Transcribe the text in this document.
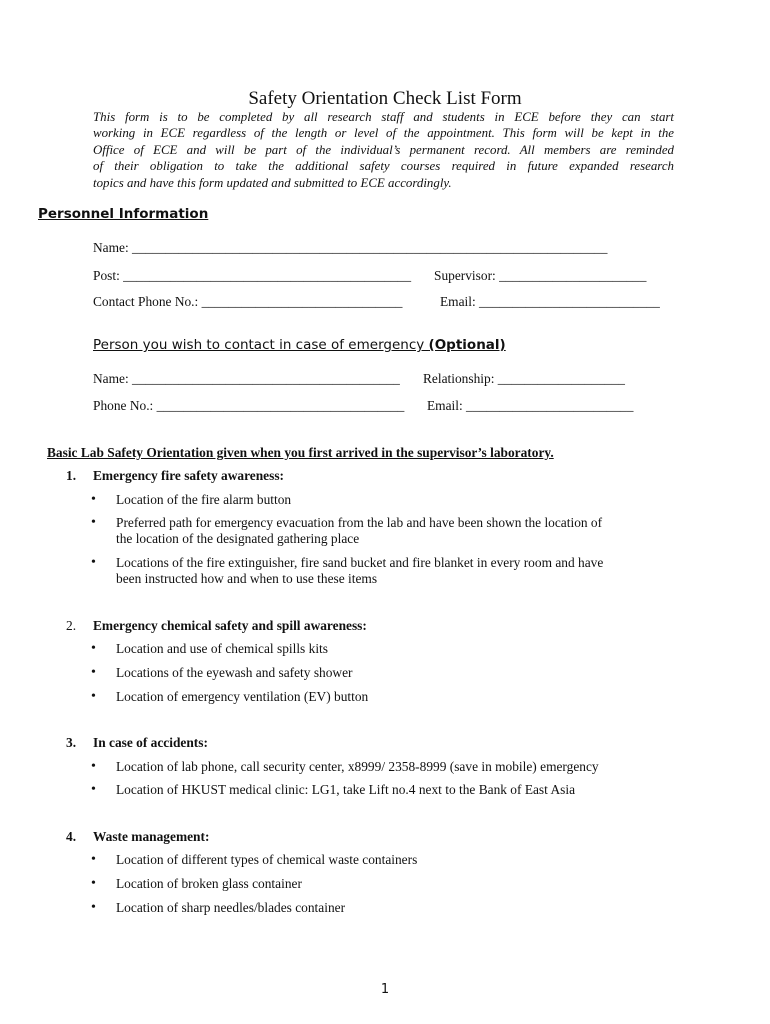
Safety Orientation Check List Form
This form is to be completed by all research staff and students in ECE before they can start
working in ECE regardless of the length or level of the appointment. This form will be kept in the
Office of ECE and will be part of the individual’s permanent record. All members are reminded
of their obligation to take the additional safety courses required in future expanded research
topics and have this form updated and submitted to ECE accordingly.
Personnel Information
Name: _______________________________________________________________________
Post: ___________________________________________ Supervisor: ______________________
Contact Phone No.: ______________________________	Email: ___________________________
Person you wish to contact in case of emergency (Optional)
Name: ________________________________________ Relationship: ___________________
Phone No.: _____________________________________ Email: _________________________
Basic Lab Safety Orientation given when you first arrived in the supervisor’s laboratory.
1. Emergency fire safety awareness:
• Location of the fire alarm button
• Preferred path for emergency evacuation from the lab and have been shown the location of
the location of the designated gathering place
• Locations of the fire extinguisher, fire sand bucket and fire blanket in every room and have
been instructed how and when to use these items
2. Emergency chemical safety and spill awareness:
• Location and use of chemical spills kits
• Locations of the eyewash and safety shower
• Location of emergency ventilation (EV) button
3. In case of accidents:
• Location of lab phone, call security center, x8999/ 2358-8999 (save in mobile) emergency
• Location of HKUST medical clinic: LG1, take Lift no.4 next to the Bank of East Asia
4. Waste management:
• Location of different types of chemical waste containers
• Location of broken glass container
• Location of sharp needles/blades container
1
